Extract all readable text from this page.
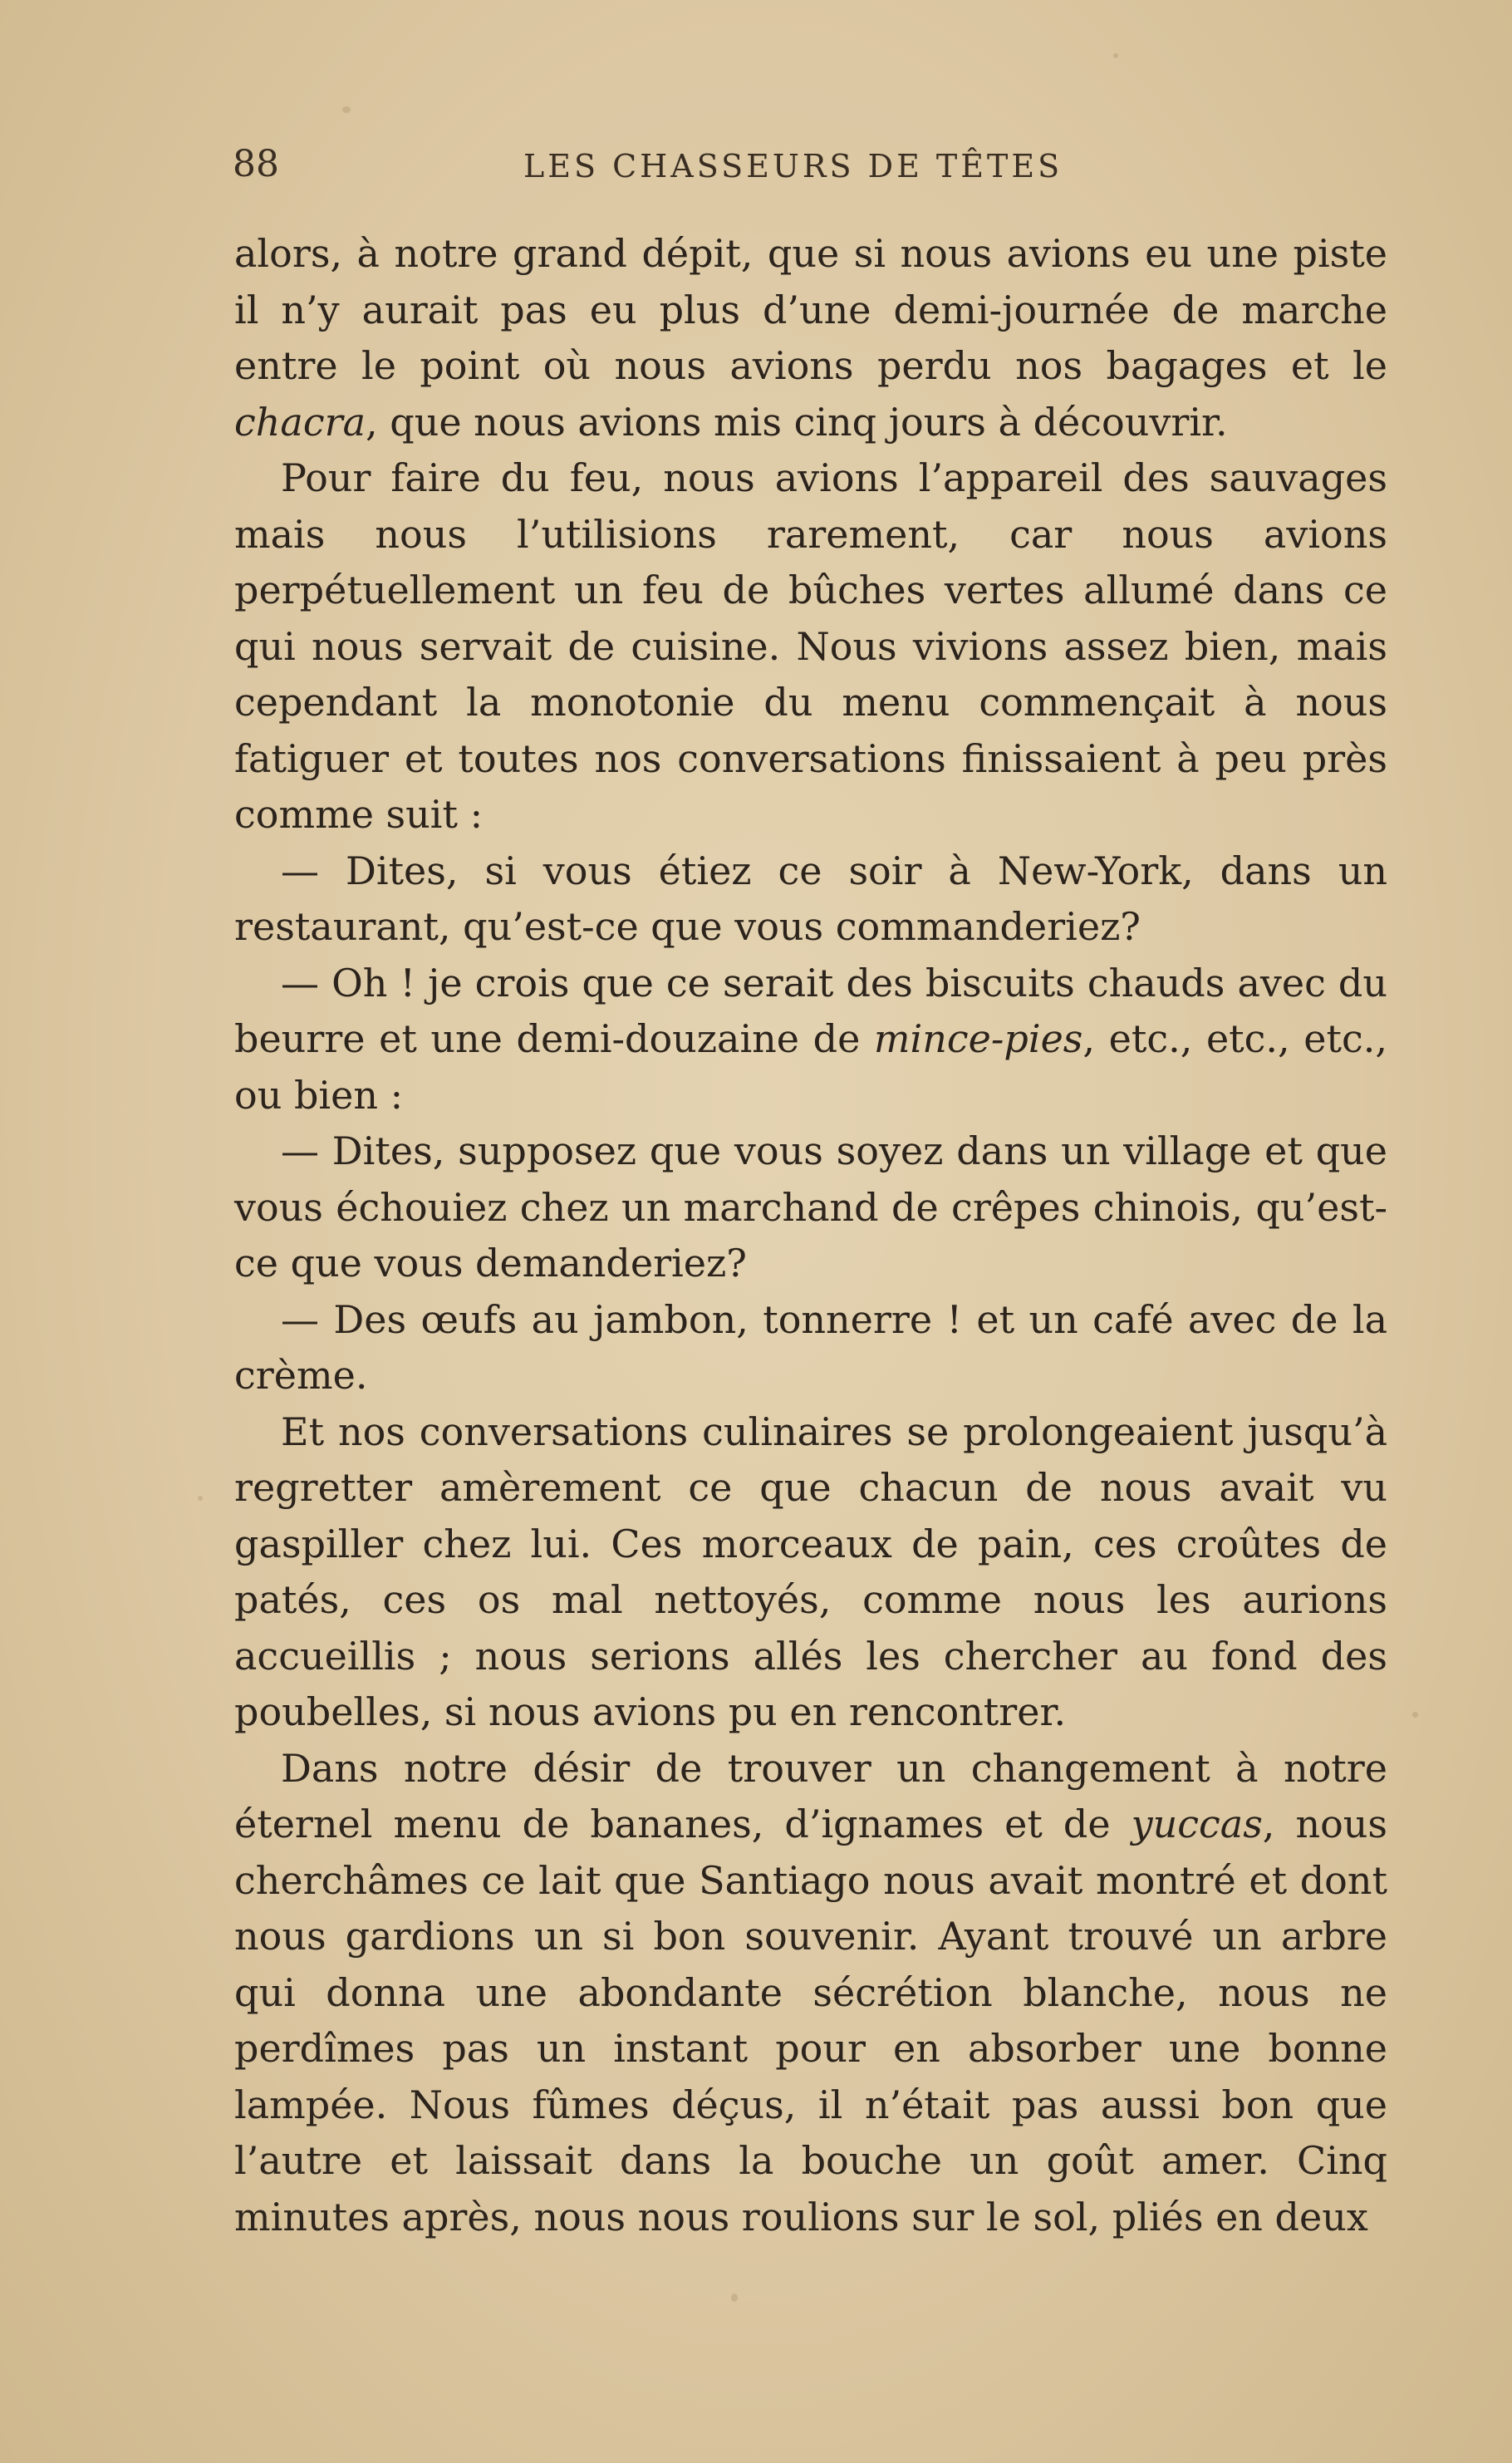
88	LES CHASSEURS DE TÊTES

alors, à notre grand dépit, que si nous avions eu une piste il n’y aurait pas eu plus d’une demi-journée de marche entre le point où nous avions perdu nos bagages et le chacra, que nous avions mis cinq jours à découvrir.

Pour faire du feu, nous avions l’appareil des sauvages mais nous l’utilisions rarement, car nous avions perpétuellement un feu de bûches vertes allumé dans ce qui nous servait de cuisine. Nous vivions assez bien, mais cependant la monotonie du menu commençait à nous fatiguer et toutes nos conversations finissaient à peu près comme suit :

— Dites, si vous étiez ce soir à New-York, dans un restaurant, qu’est-ce que vous commanderiez?

— Oh ! je crois que ce serait des biscuits chauds avec du beurre et une demi-douzaine de mince-pies, etc., etc., etc., ou bien :

— Dites, supposez que vous soyez dans un village et que vous échouiez chez un marchand de crêpes chinois, qu’est-ce que vous demanderiez?

— Des œufs au jambon, tonnerre ! et un café avec de la crème.

Et nos conversations culinaires se prolongeaient jusqu’à regretter amèrement ce que chacun de nous avait vu gaspiller chez lui. Ces morceaux de pain, ces croûtes de patés, ces os mal nettoyés, comme nous les aurions accueillis ; nous serions allés les chercher au fond des poubelles, si nous avions pu en rencontrer.

Dans notre désir de trouver un changement à notre éternel menu de bananes, d’ignames et de yuccas, nous cherchâmes ce lait que Santiago nous avait montré et dont nous gardions un si bon souvenir. Ayant trouvé un arbre qui donna une abondante sécrétion blanche, nous ne perdîmes pas un instant pour en absorber une bonne lampée. Nous fûmes déçus, il n’était pas aussi bon que l’autre et laissait dans la bouche un goût amer. Cinq minutes après, nous nous roulions sur le sol, pliés en deux
